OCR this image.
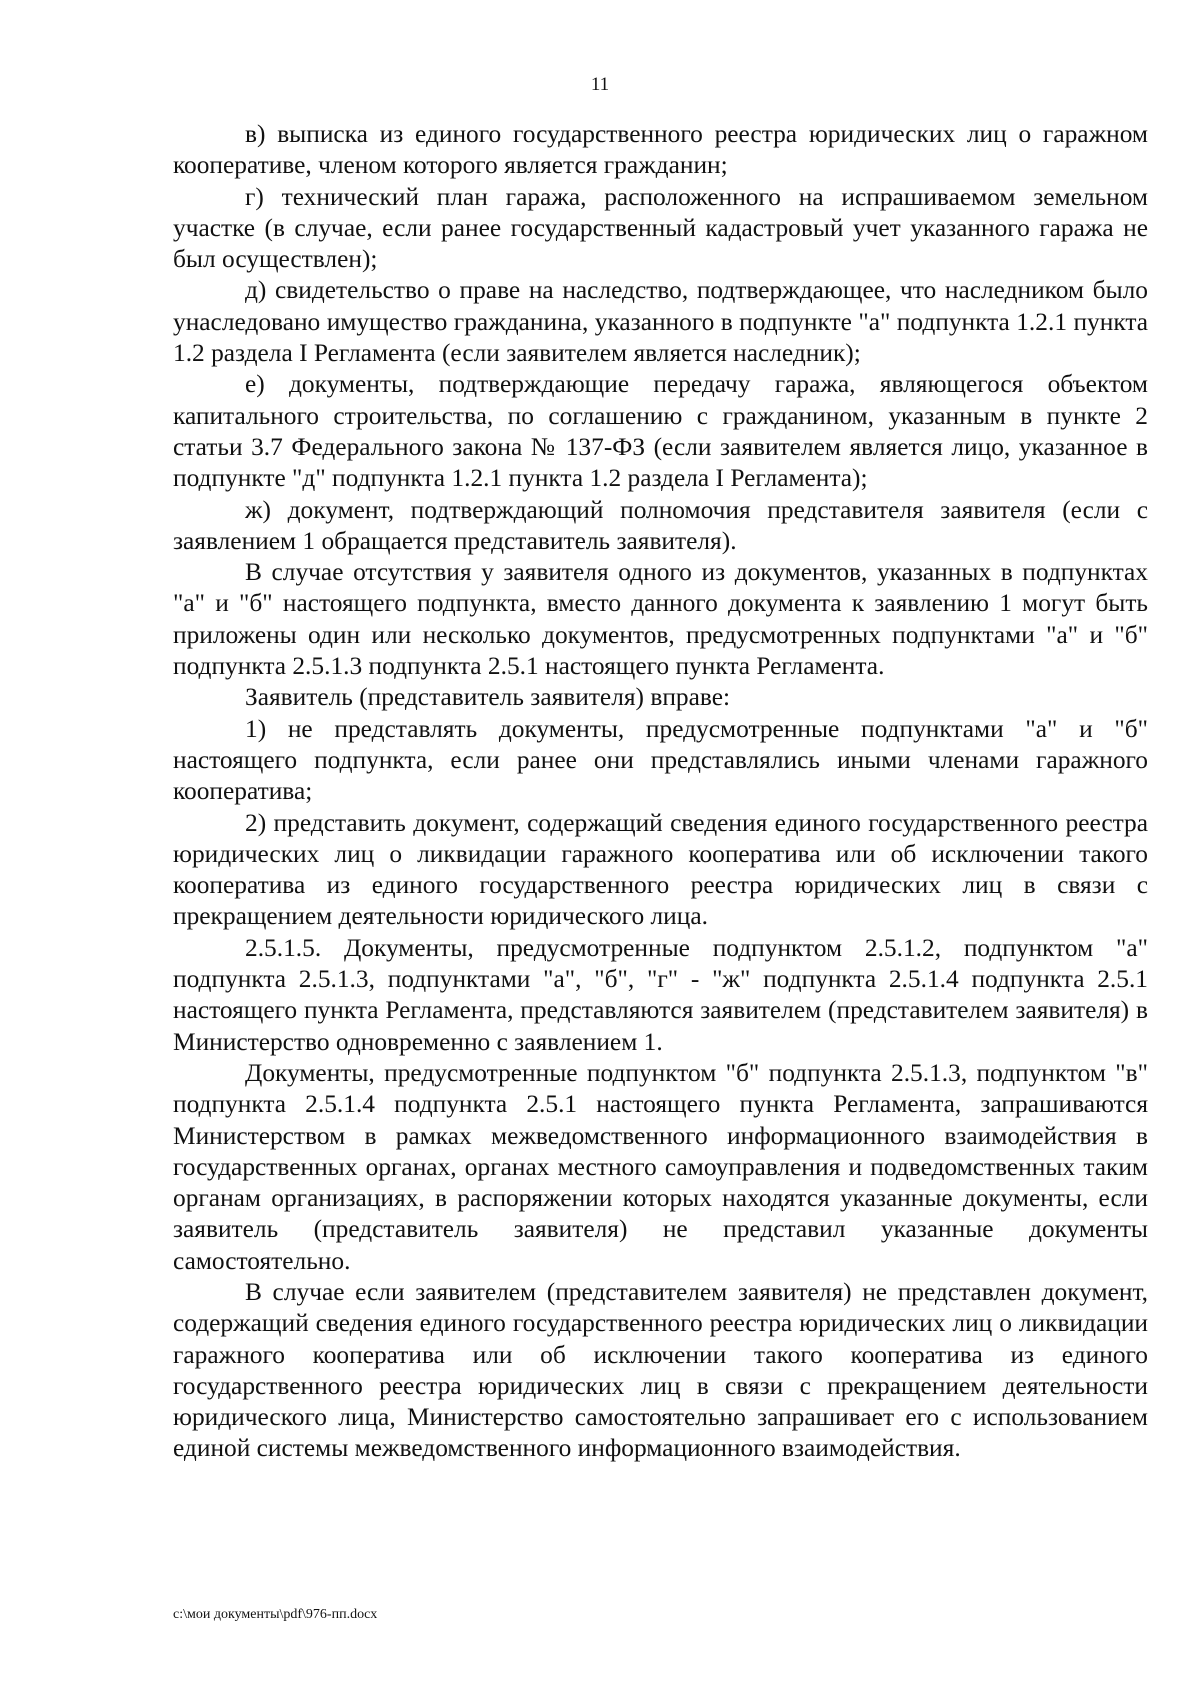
11

в) выписка из единого государственного реестра юридических лиц о гаражном кооперативе, членом которого является гражданин;

г) технический план гаража, расположенного на испрашиваемом земельном участке (в случае, если ранее государственный кадастровый учет указанного гаража не был осуществлен);

д) свидетельство о праве на наследство, подтверждающее, что наследником было унаследовано имущество гражданина, указанного в подпункте "а" подпункта 1.2.1 пункта 1.2 раздела I Регламента (если заявителем является наследник);

е) документы, подтверждающие передачу гаража, являющегося объектом капитального строительства, по соглашению с гражданином, указанным в пункте 2 статьи 3.7 Федерального закона № 137-ФЗ (если заявителем является лицо, указанное в подпункте "д" подпункта 1.2.1 пункта 1.2 раздела I Регламента);

ж) документ, подтверждающий полномочия представителя заявителя (если с заявлением 1 обращается представитель заявителя).

В случае отсутствия у заявителя одного из документов, указанных в подпунктах "а" и "б" настоящего подпункта, вместо данного документа к заявлению 1 могут быть приложены один или несколько документов, предусмотренных подпунктами "а" и "б" подпункта 2.5.1.3 подпункта 2.5.1 настоящего пункта Регламента.

Заявитель (представитель заявителя) вправе:

1) не представлять документы, предусмотренные подпунктами "а" и "б" настоящего подпункта, если ранее они представлялись иными членами гаражного кооператива;

2) представить документ, содержащий сведения единого государственного реестра юридических лиц о ликвидации гаражного кооператива или об исключении такого кооператива из единого государственного реестра юридических лиц в связи с прекращением деятельности юридического лица.

2.5.1.5. Документы, предусмотренные подпунктом 2.5.1.2, подпунктом "а" подпункта 2.5.1.3, подпунктами "а", "б", "г" - "ж" подпункта 2.5.1.4 подпункта 2.5.1 настоящего пункта Регламента, представляются заявителем (представителем заявителя) в Министерство одновременно с заявлением 1.

Документы, предусмотренные подпунктом "б" подпункта 2.5.1.3, подпунктом "в" подпункта 2.5.1.4 подпункта 2.5.1 настоящего пункта Регламента, запрашиваются Министерством в рамках межведомственного информационного взаимодействия в государственных органах, органах местного самоуправления и подведомственных таким органам организациях, в распоряжении которых находятся указанные документы, если заявитель (представитель заявителя) не представил указанные документы самостоятельно.

В случае если заявителем (представителем заявителя) не представлен документ, содержащий сведения единого государственного реестра юридических лиц о ликвидации гаражного кооператива или об исключении такого кооператива из единого государственного реестра юридических лиц в связи с прекращением деятельности юридического лица, Министерство самостоятельно запрашивает его с использованием единой системы межведомственного информационного взаимодействия.

c:\мои документы\pdf\976-пп.docx
